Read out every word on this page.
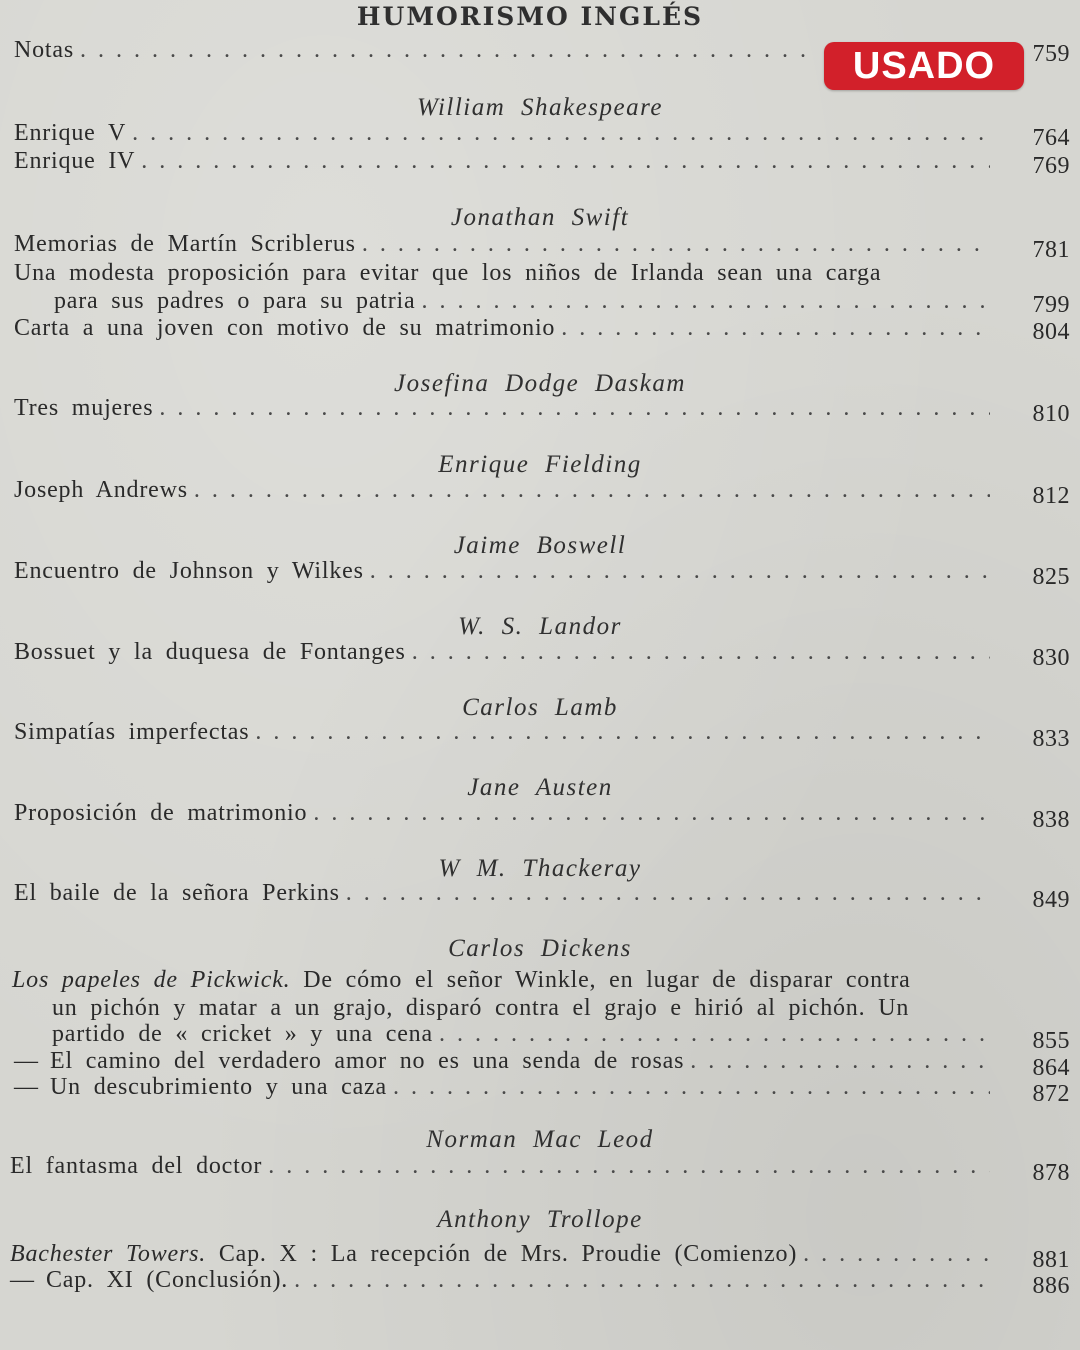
HUMORISMO INGLÉS
USADO
Notas . . .	759
William Shakespeare
Enrique V . . .	764
Enrique IV . . .	769
Jonathan Swift
Memorias de Martín Scriblerus . . .	781
Una modesta proposición para evitar que los niños de Irlanda sean una carga
para sus padres o para su patria . . .	799
Carta a una joven con motivo de su matrimonio . . .	804
Josefina Dodge Daskam
Tres mujeres . . .	810
Enrique Fielding
Joseph Andrews . . .	812
Jaime Boswell
Encuentro de Johnson y Wilkes . . .	825
W. S. Landor
Bossuet y la duquesa de Fontanges . . .	830
Carlos Lamb
Simpatías imperfectas . . .	833
Jane Austen
Proposición de matrimonio . . .	838
W M. Thackeray
El baile de la señora Perkins . . .	849
Carlos Dickens
Los papeles de Pickwick. De cómo el señor Winkle, en lugar de disparar contra
un pichón y matar a un grajo, disparó contra el grajo e hirió al pichón. Un
partido de « cricket » y una cena . . .	855
— El camino del verdadero amor no es una senda de rosas . . .	864
— Un descubrimiento y una caza . . .	872
Norman Mac Leod
El fantasma del doctor . . .	878
Anthony Trollope
Bachester Towers. Cap. X : La recepción de Mrs. Proudie (Comienzo) . . .	881
— Cap. XI (Conclusión). . . .	886
